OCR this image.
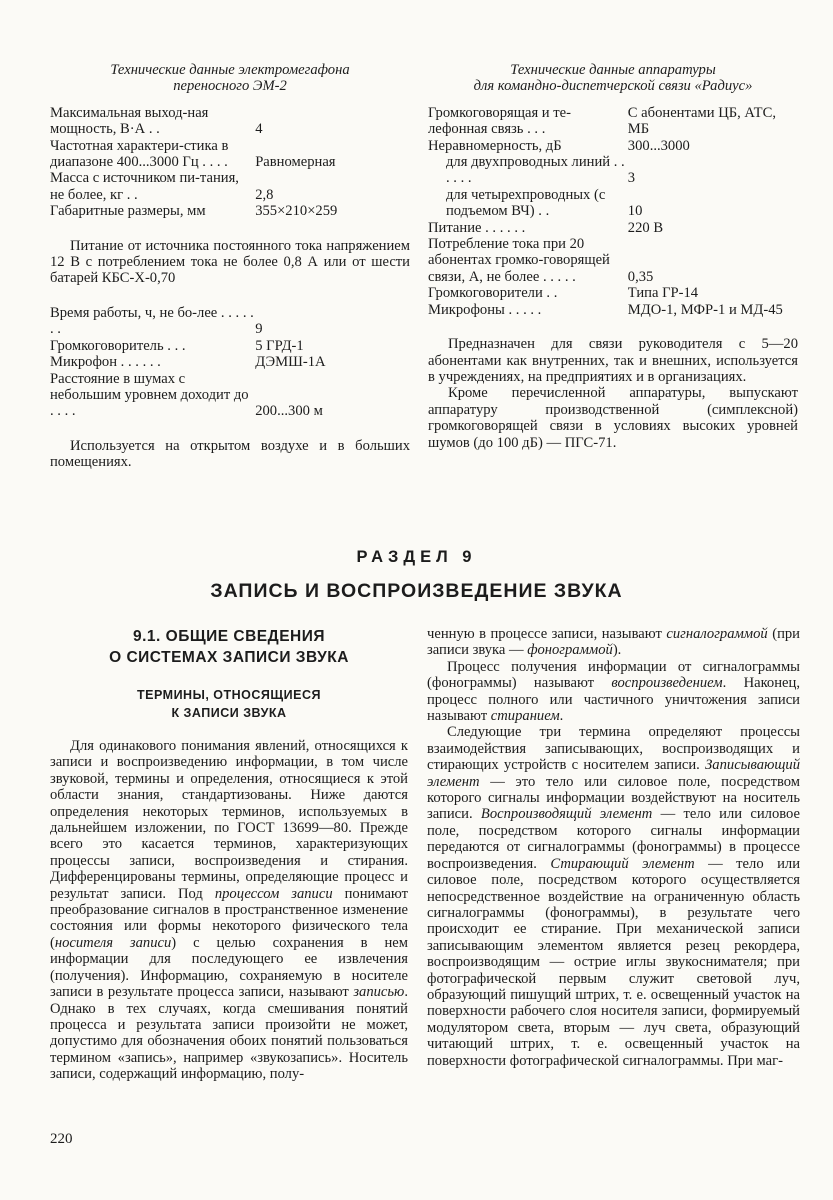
Технические данные электромегафона
переносного ЭМ-2
Максимальная выход-ная мощность, В·А . .	4
Частотная характери-стика в диапазоне 400...3000 Гц . . . .	Равномерная
Масса с источником пи-тания, не более, кг . .	2,8
Габаритные размеры, мм	355×210×259

Питание от источника постоянного тока напряжением 12 В с потреблением тока не более 0,8 А или от шести батарей КБС-Х-0,70

Время работы, ч, не бо-лее . . . . . . .	9
Громкоговоритель . . .	5 ГРД-1
Микрофон . . . . . .	ДЭМШ-1А
Расстояние в шумах с небольшим уровнем доходит до . . . .	200...300 м

Используется на открытом воздухе и в больших помещениях.

Технические данные аппаратуры
для командно-диспетчерской связи «Радиус»
Громкоговорящая и те-лефонная связь . . .	С абонентами ЦБ, АТС, МБ
Неравномерность, дБ	300...3000
для двухпроводных линий . . . . . .	3
для четырехпроводных (с подъемом ВЧ) . .	10
Питание . . . . . .	220 В
Потребление тока при 20 абонентах громко-говорящей связи, А, не более . . . . .	0,35
Громкоговорители . .	Типа ГР-14
Микрофоны . . . . .	МДО-1, МФР-1 и МД-45

Предназначен для связи руководителя с 5—20 абонентами как внутренних, так и внешних, используется в учреждениях, на предприятиях и в организациях.

Кроме перечисленной аппаратуры, выпускают аппаратуру производственной (симплексной) громкоговорящей связи в условиях высоких уровней шумов (до 100 дБ) — ПГС-71.

РАЗДЕЛ 9
ЗАПИСЬ И ВОСПРОИЗВЕДЕНИЕ ЗВУКА
9.1. ОБЩИЕ СВЕДЕНИЯ
О СИСТЕМАХ ЗАПИСИ ЗВУКА
ТЕРМИНЫ, ОТНОСЯЩИЕСЯ
К ЗАПИСИ ЗВУКА

Для одинакового понимания явлений, относящихся к записи и воспроизведению информации, в том числе звуковой, термины и определения, относящиеся к этой области знания, стандартизованы. Ниже даются определения некоторых терминов, используемых в дальнейшем изложении, по ГОСТ 13699—80. Прежде всего это касается терминов, характеризующих процессы записи, воспроизведения и стирания. Дифференцированы термины, определяющие процесс и результат записи. Под процессом записи понимают преобразование сигналов в пространственное изменение состояния или формы некоторого физического тела (носителя записи) с целью сохранения в нем информации для последующего ее извлечения (получения). Информацию, сохраняемую в носителе записи в результате процесса записи, называют записью. Однако в тех случаях, когда смешивания понятий процесса и результата записи произойти не может, допустимо для обозначения обоих понятий пользоваться термином «запись», например «звукозапись». Носитель записи, содержащий информацию, полу-

ченную в процессе записи, называют сигналограммой (при записи звука — фонограммой).

Процесс получения информации от сигналограммы (фонограммы) называют воспроизведением. Наконец, процесс полного или частичного уничтожения записи называют стиранием.

Следующие три термина определяют процессы взаимодействия записывающих, воспроизводящих и стирающих устройств с носителем записи. Записывающий элемент — это тело или силовое поле, посредством которого сигналы информации воздействуют на носитель записи. Воспроизводящий элемент — тело или силовое поле, посредством которого сигналы информации передаются от сигналограммы (фонограммы) в процессе воспроизведения. Стирающий элемент — тело или силовое поле, посредством которого осуществляется непосредственное воздействие на ограниченную область сигналограммы (фонограммы), в результате чего происходит ее стирание. При механической записи записывающим элементом является резец рекордера, воспроизводящим — острие иглы звукоснимателя; при фотографической первым служит световой луч, образующий пишущий штрих, т. е. освещенный участок на поверхности рабочего слоя носителя записи, формируемый модулятором света, вторым — луч света, образующий читающий штрих, т. е. освещенный участок на поверхности фотографической сигналограммы. При маг-

220
